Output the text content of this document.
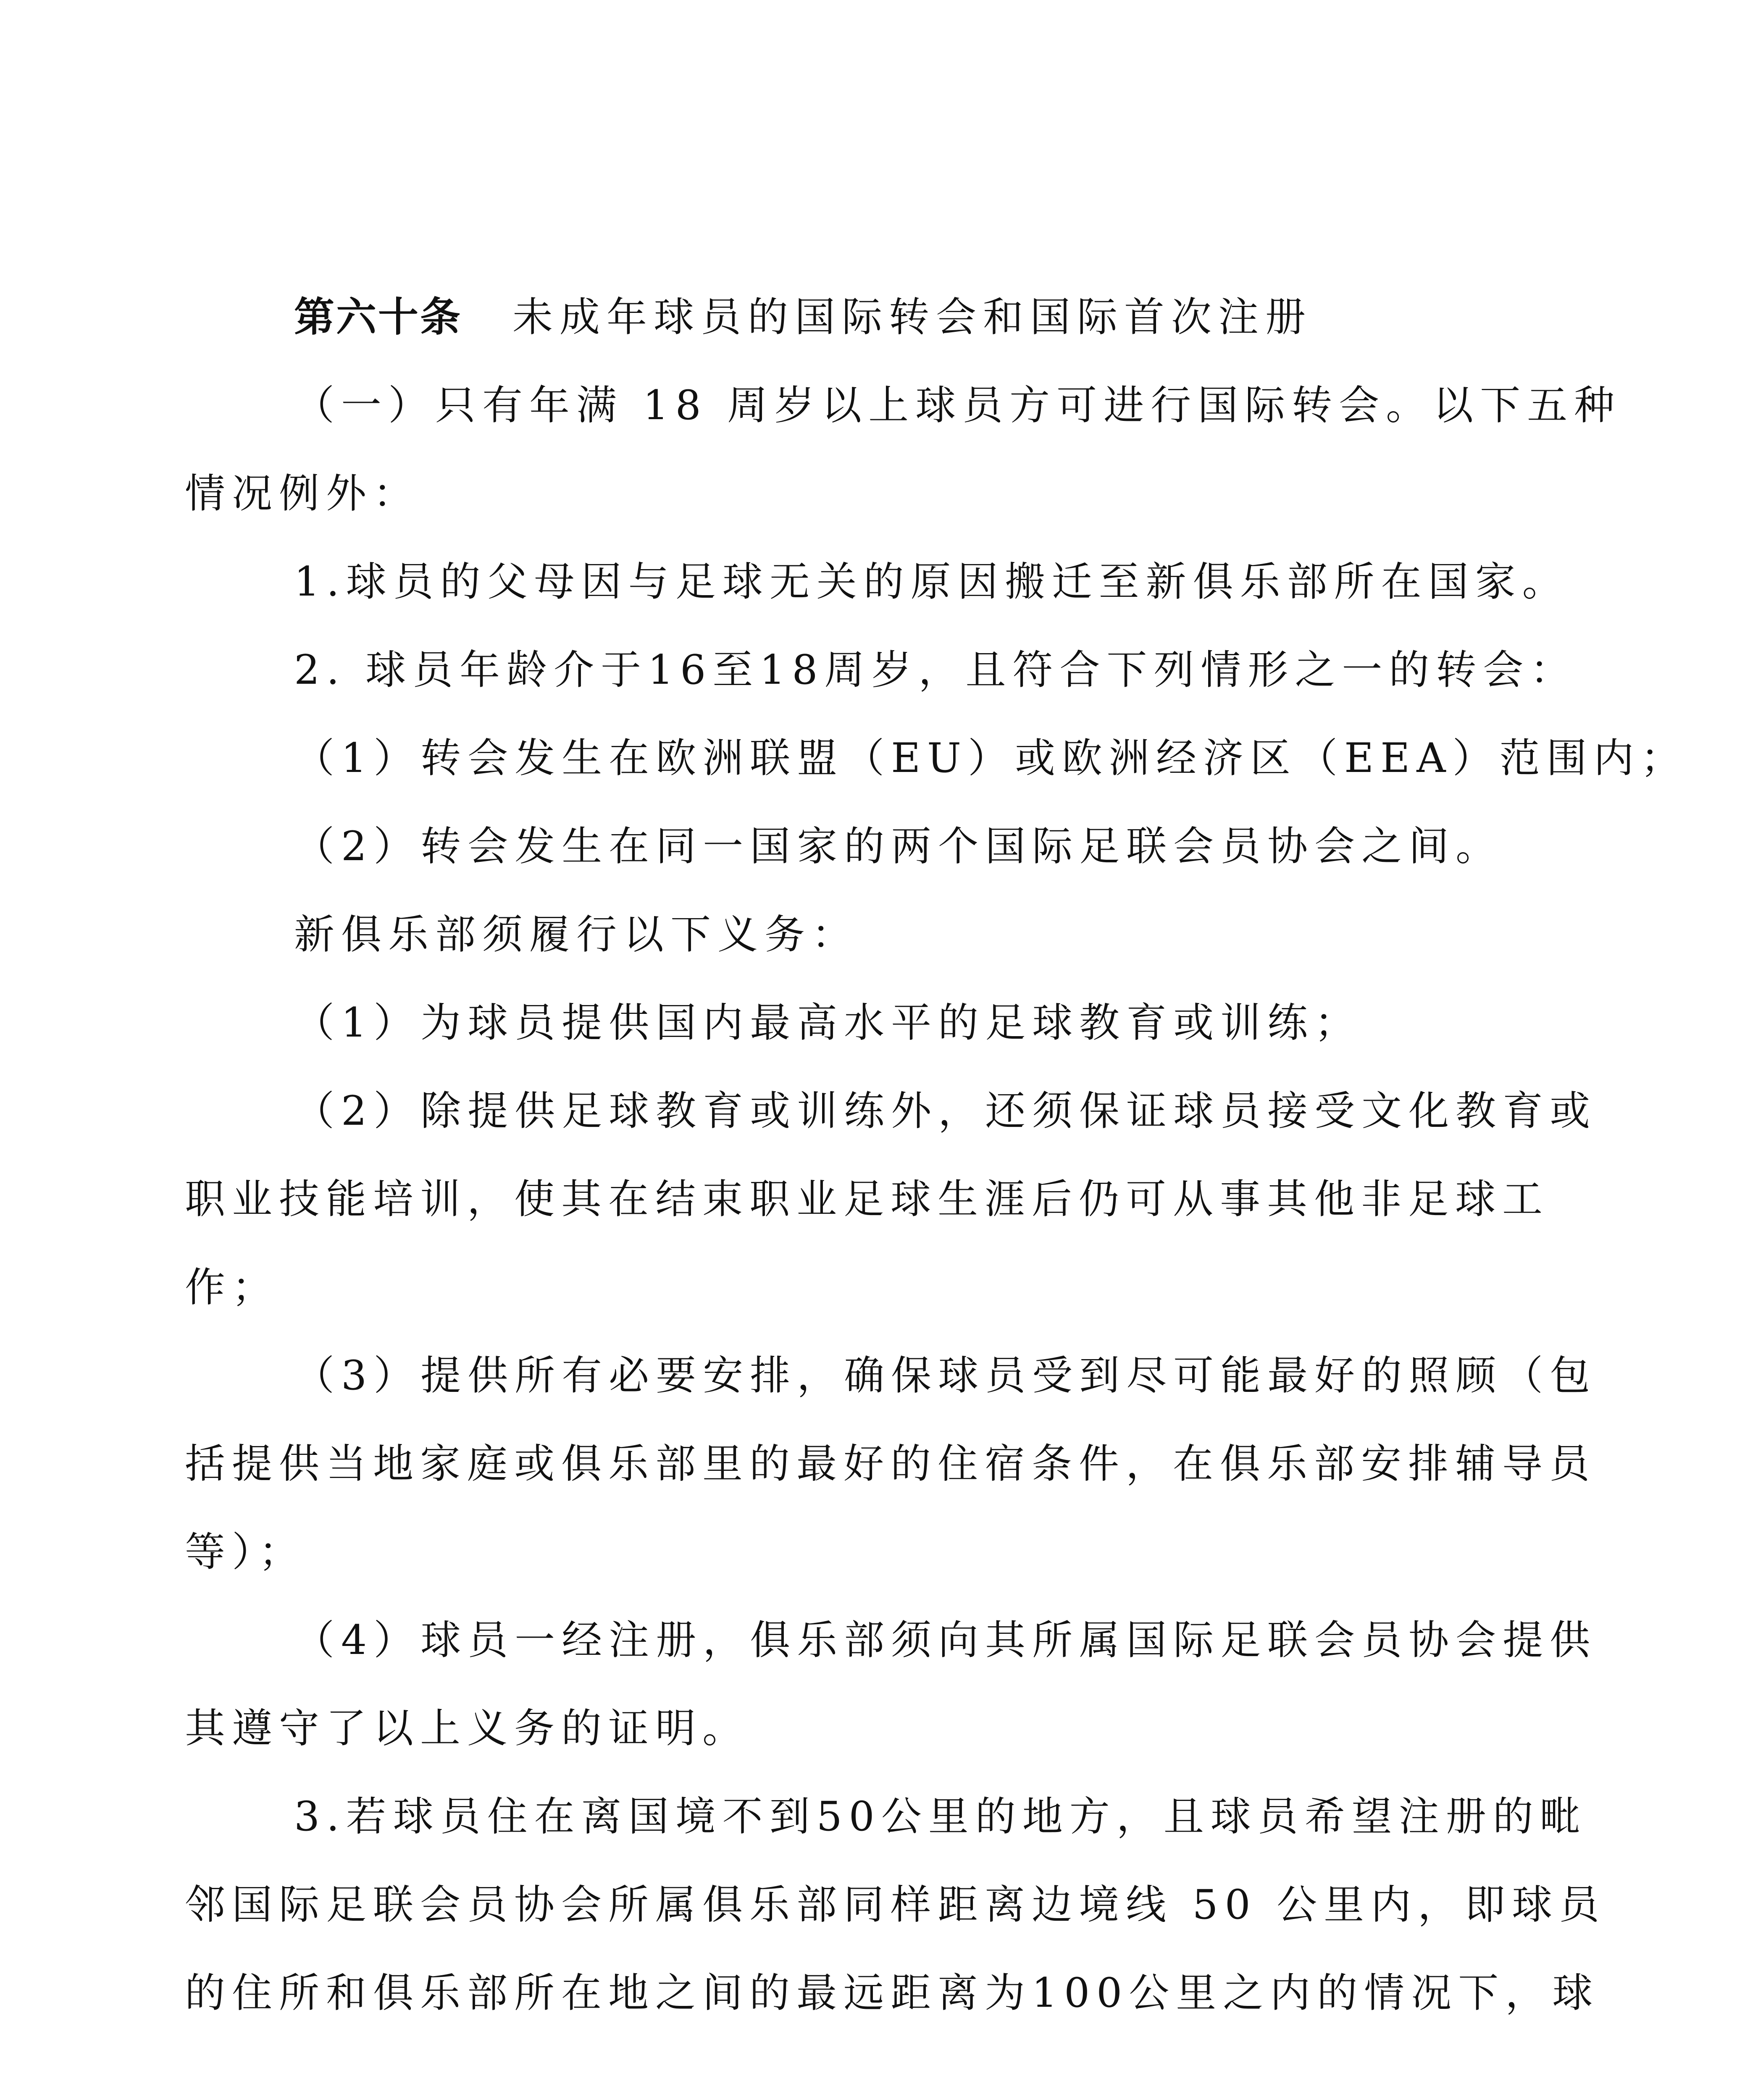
第六十条 未成年球员的国际转会和国际首次注册
（一）只有年满 18 周岁以上球员方可进行国际转会。以下五种
情况例外：
1.球员的父母因与足球无关的原因搬迁至新俱乐部所在国家。
2. 球员年龄介于16至18周岁，且符合下列情形之一的转会：
（1）转会发生在欧洲联盟（EU）或欧洲经济区（EEA）范围内；
（2）转会发生在同一国家的两个国际足联会员协会之间。
新俱乐部须履行以下义务：
（1）为球员提供国内最高水平的足球教育或训练；
（2）除提供足球教育或训练外，还须保证球员接受文化教育或
职业技能培训，使其在结束职业足球生涯后仍可从事其他非足球工
作；
（3）提供所有必要安排，确保球员受到尽可能最好的照顾（包
括提供当地家庭或俱乐部里的最好的住宿条件，在俱乐部安排辅导员
等）；
（4）球员一经注册，俱乐部须向其所属国际足联会员协会提供
其遵守了以上义务的证明。
3.若球员住在离国境不到50公里的地方，且球员希望注册的毗
邻国际足联会员协会所属俱乐部同样距离边境线 50 公里内，即球员
的住所和俱乐部所在地之间的最远距离为100公里之内的情况下，球
